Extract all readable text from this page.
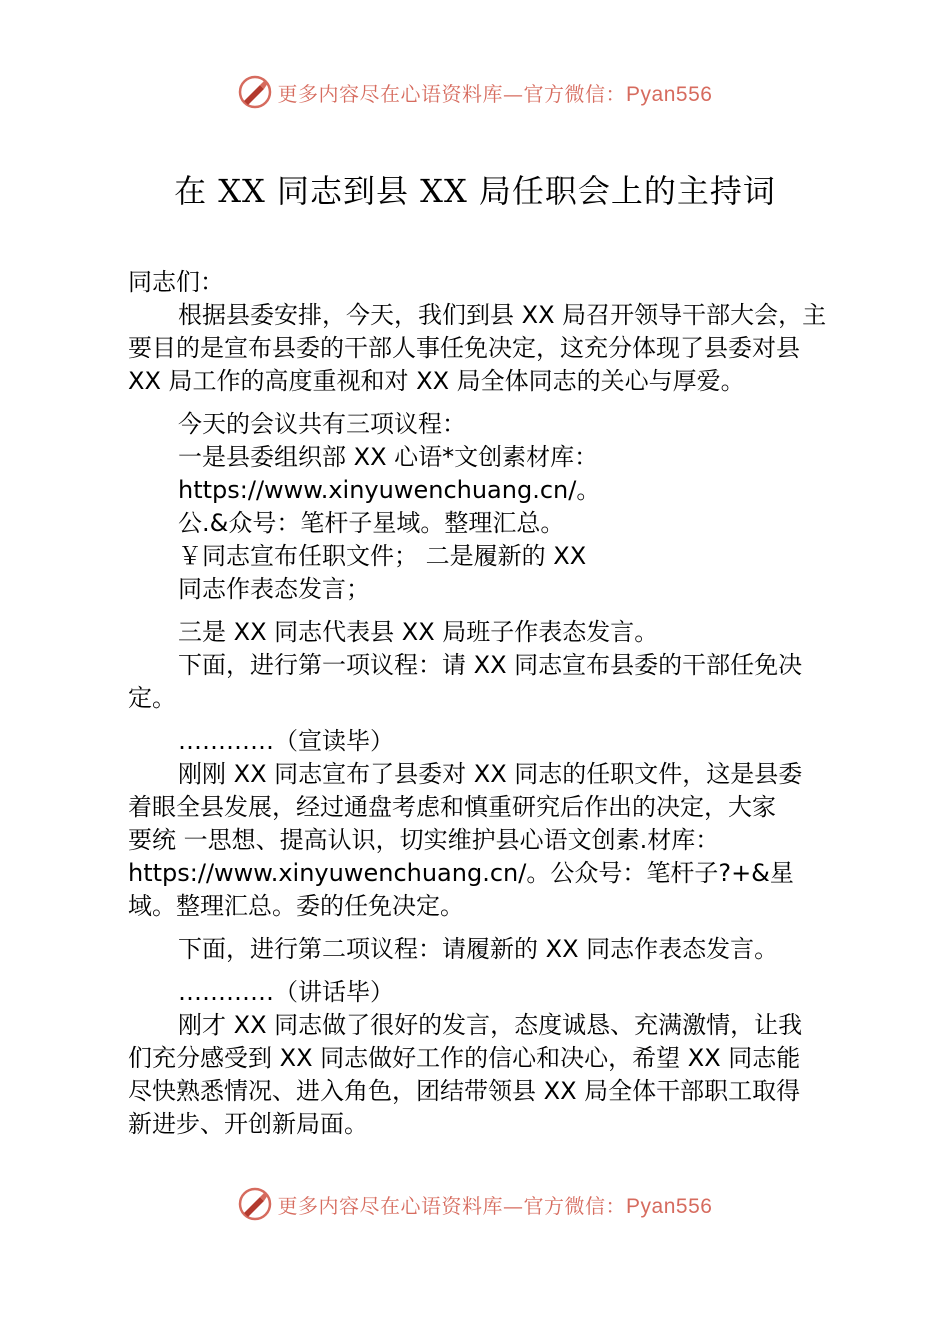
更多内容尽在心语资料库—官方微信：Pyan556
在 XX 同志到县 XX 局任职会上的主持词

同志们：

根据县委安排，今天，我们到县 XX 局召开领导干部大会，主

要目的是宣布县委的干部人事任免决定，这充分体现了县委对县

XX 局工作的高度重视和对 XX 局全体同志的关心与厚爱。

今天的会议共有三项议程：

一是县委组织部 XX 心语*文创素材库：

https://www.xinyuwenchuang.cn/。

公.&众号：笔杆子星域。整理汇总。

￥同志宣布任职文件； 二是履新的 XX

同志作表态发言；

三是 XX 同志代表县 XX 局班子作表态发言。

下面，进行第一项议程：请 XX 同志宣布县委的干部任免决

定。

…………（宣读毕）

刚刚 XX 同志宣布了县委对 XX 同志的任职文件，这是县委

着眼全县发展，经过通盘考虑和慎重研究后作出的决定，大家

要统 一思想、提高认识，切实维护县心语文创素.材库：

https://www.xinyuwenchuang.cn/。公众号：笔杆子?+&星

域。整理汇总。委的任免决定。

下面，进行第二项议程：请履新的 XX 同志作表态发言。

…………（讲话毕）

刚才 XX 同志做了很好的发言，态度诚恳、充满激情，让我

们充分感受到 XX 同志做好工作的信心和决心，希望 XX 同志能

尽快熟悉情况、进入角色，团结带领县 XX 局全体干部职工取得

新进步、开创新局面。

更多内容尽在心语资料库—官方微信：Pyan556
